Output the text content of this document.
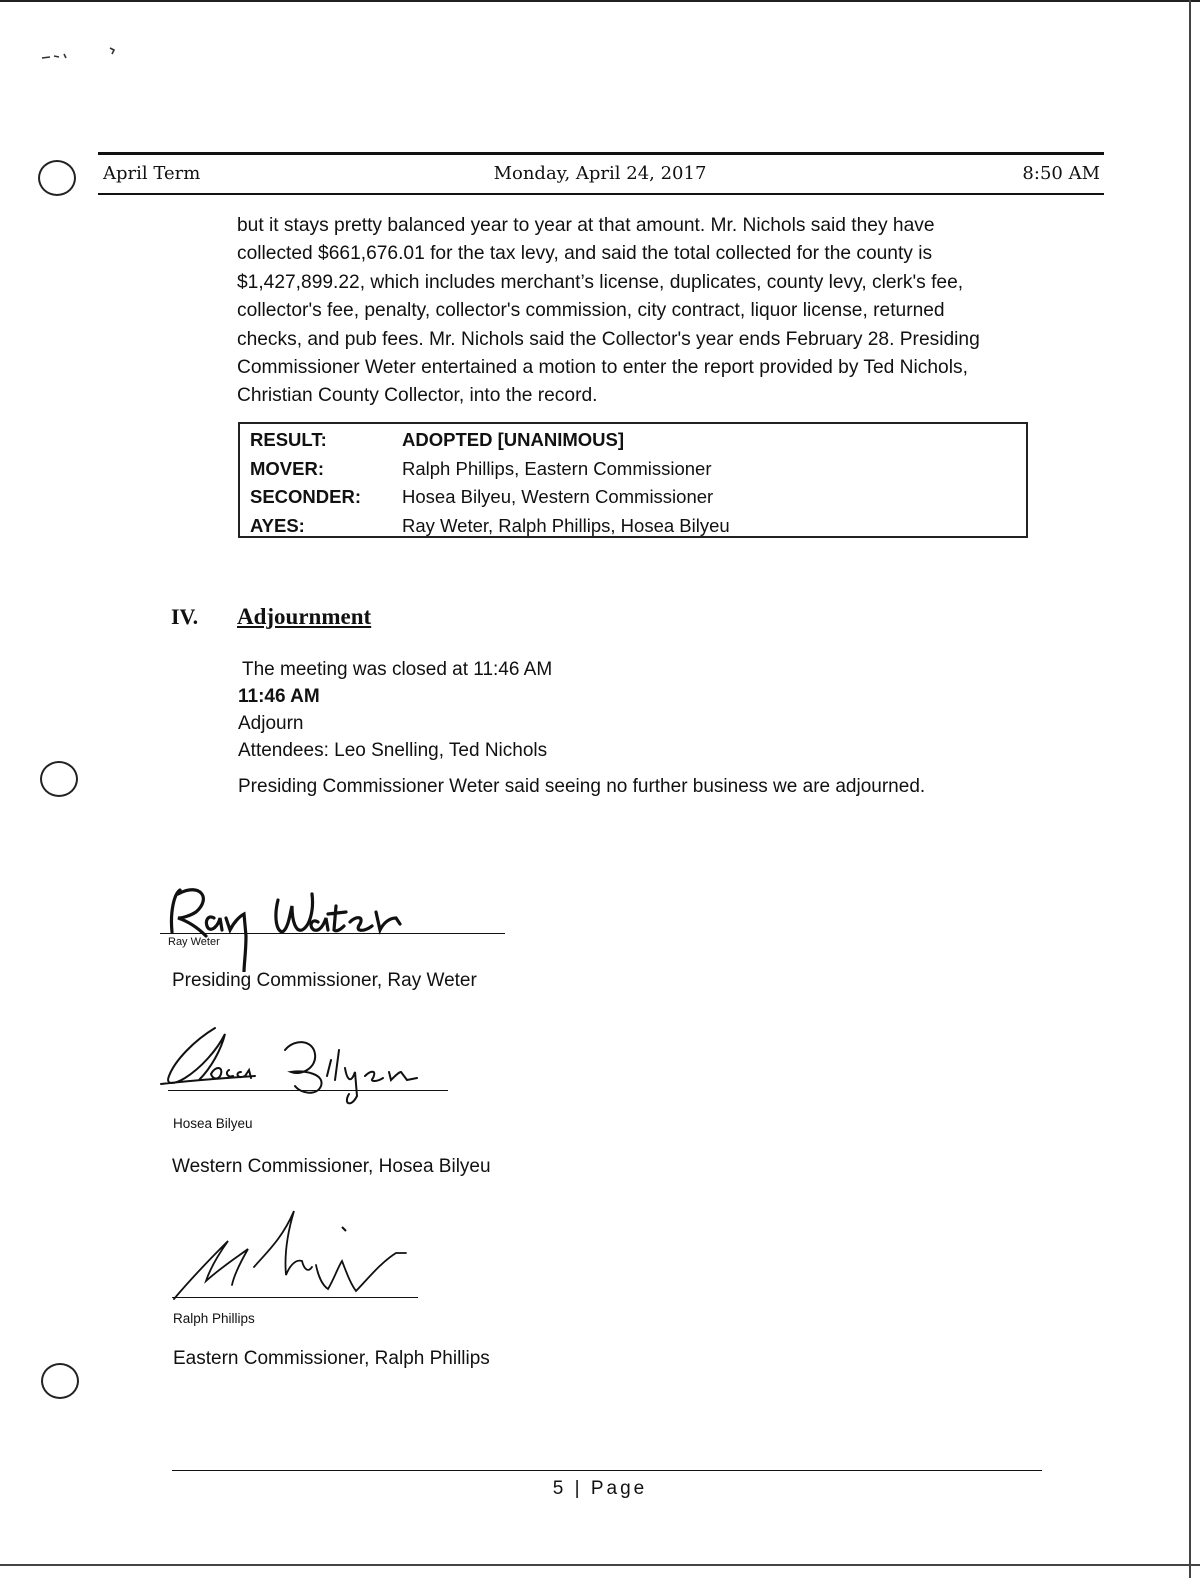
April Term	Monday, April 24, 2017	8:50 AM

but it stays pretty balanced year to year at that amount. Mr. Nichols said they have

collected $661,676.01 for the tax levy, and said the total collected for the county is

$1,427,899.22, which includes merchant’s license, duplicates, county levy, clerk's fee,

collector's fee, penalty, collector's commission, city contract, liquor license, returned

checks, and pub fees. Mr. Nichols said the Collector's year ends February 28. Presiding

Commissioner Weter entertained a motion to enter the report provided by Ted Nichols,

Christian County Collector, into the record.

RESULT:	ADOPTED [UNANIMOUS]
MOVER:	Ralph Phillips, Eastern Commissioner
SECONDER:	Hosea Bilyeu, Western Commissioner
AYES:	Ray Weter, Ralph Phillips, Hosea Bilyeu
IV. Adjournment
The meeting was closed at 11:46 AM
11:46 AM
Adjourn
Attendees: Leo Snelling, Ted Nichols
Presiding Commissioner Weter said seeing no further business we are adjourned.
Ray Weter
Presiding Commissioner, Ray Weter
Hosea Bilyeu
Western Commissioner, Hosea Bilyeu
Ralph Phillips
Eastern Commissioner, Ralph Phillips
5 | Page
